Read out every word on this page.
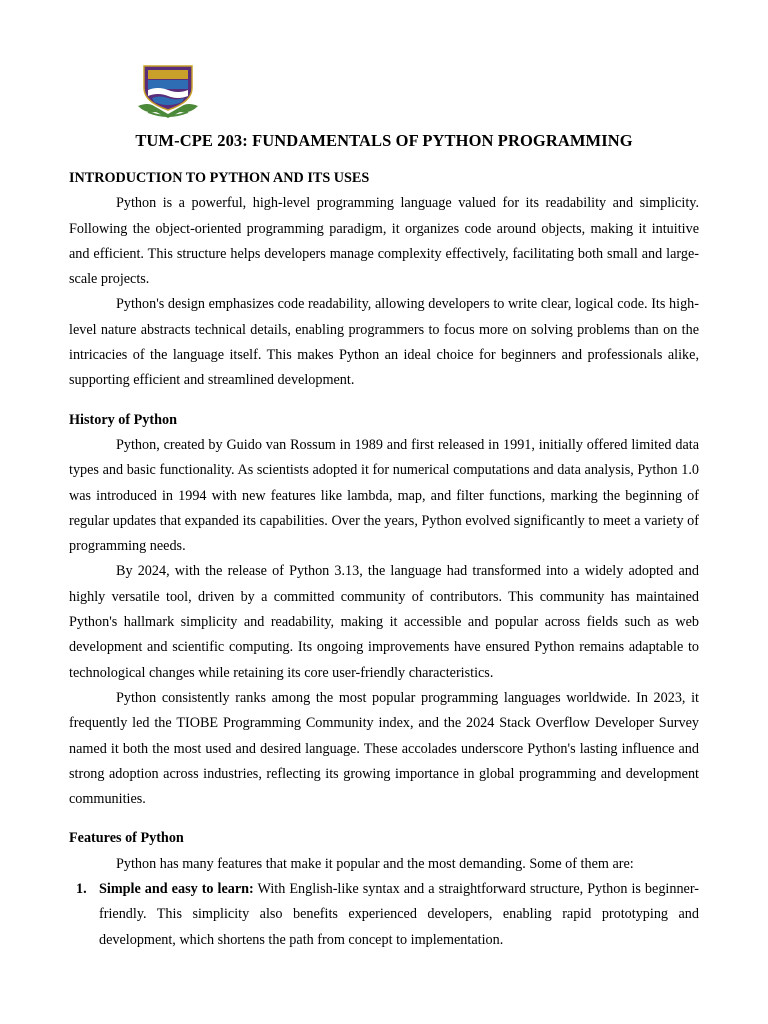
TUM-CPE 203: FUNDAMENTALS OF PYTHON PROGRAMMING

INTRODUCTION TO PYTHON AND ITS USES

Python is a powerful, high-level programming language valued for its readability and simplicity. Following the object-oriented programming paradigm, it organizes code around objects, making it intuitive and efficient. This structure helps developers manage complexity effectively, facilitating both small and large-scale projects.

Python's design emphasizes code readability, allowing developers to write clear, logical code. Its high-level nature abstracts technical details, enabling programmers to focus more on solving problems than on the intricacies of the language itself. This makes Python an ideal choice for beginners and professionals alike, supporting efficient and streamlined development.

History of Python

Python, created by Guido van Rossum in 1989 and first released in 1991, initially offered limited data types and basic functionality. As scientists adopted it for numerical computations and data analysis, Python 1.0 was introduced in 1994 with new features like lambda, map, and filter functions, marking the beginning of regular updates that expanded its capabilities. Over the years, Python evolved significantly to meet a variety of programming needs.

By 2024, with the release of Python 3.13, the language had transformed into a widely adopted and highly versatile tool, driven by a committed community of contributors. This community has maintained Python's hallmark simplicity and readability, making it accessible and popular across fields such as web development and scientific computing. Its ongoing improvements have ensured Python remains adaptable to technological changes while retaining its core user-friendly characteristics.

Python consistently ranks among the most popular programming languages worldwide. In 2023, it frequently led the TIOBE Programming Community index, and the 2024 Stack Overflow Developer Survey named it both the most used and desired language. These accolades underscore Python's lasting influence and strong adoption across industries, reflecting its growing importance in global programming and development communities.

Features of Python

Python has many features that make it popular and the most demanding. Some of them are:

1. Simple and easy to learn: With English-like syntax and a straightforward structure, Python is beginner-friendly. This simplicity also benefits experienced developers, enabling rapid prototyping and development, which shortens the path from concept to implementation.
